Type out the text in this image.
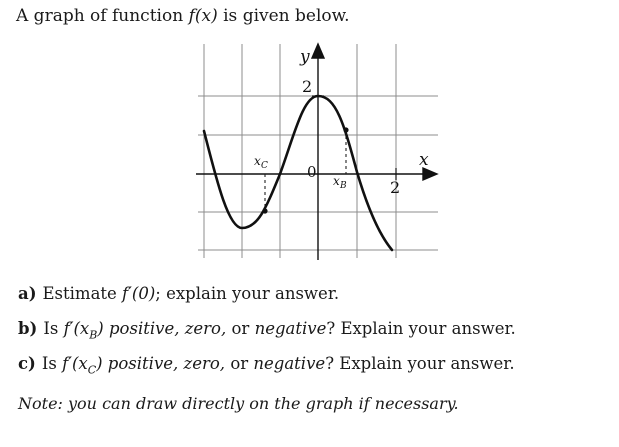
A graph of function f(x) is given below.
y
x
2
2
0 x B
x C
a) Estimate f′(0); explain your answer.
b) Is $f'(x_B)$ positive, zero, or negative? Explain your answer.
c) Is $f'(x_C)$ positive, zero, or negative? Explain your answer.
Note: you can draw directly on the graph if necessary.
